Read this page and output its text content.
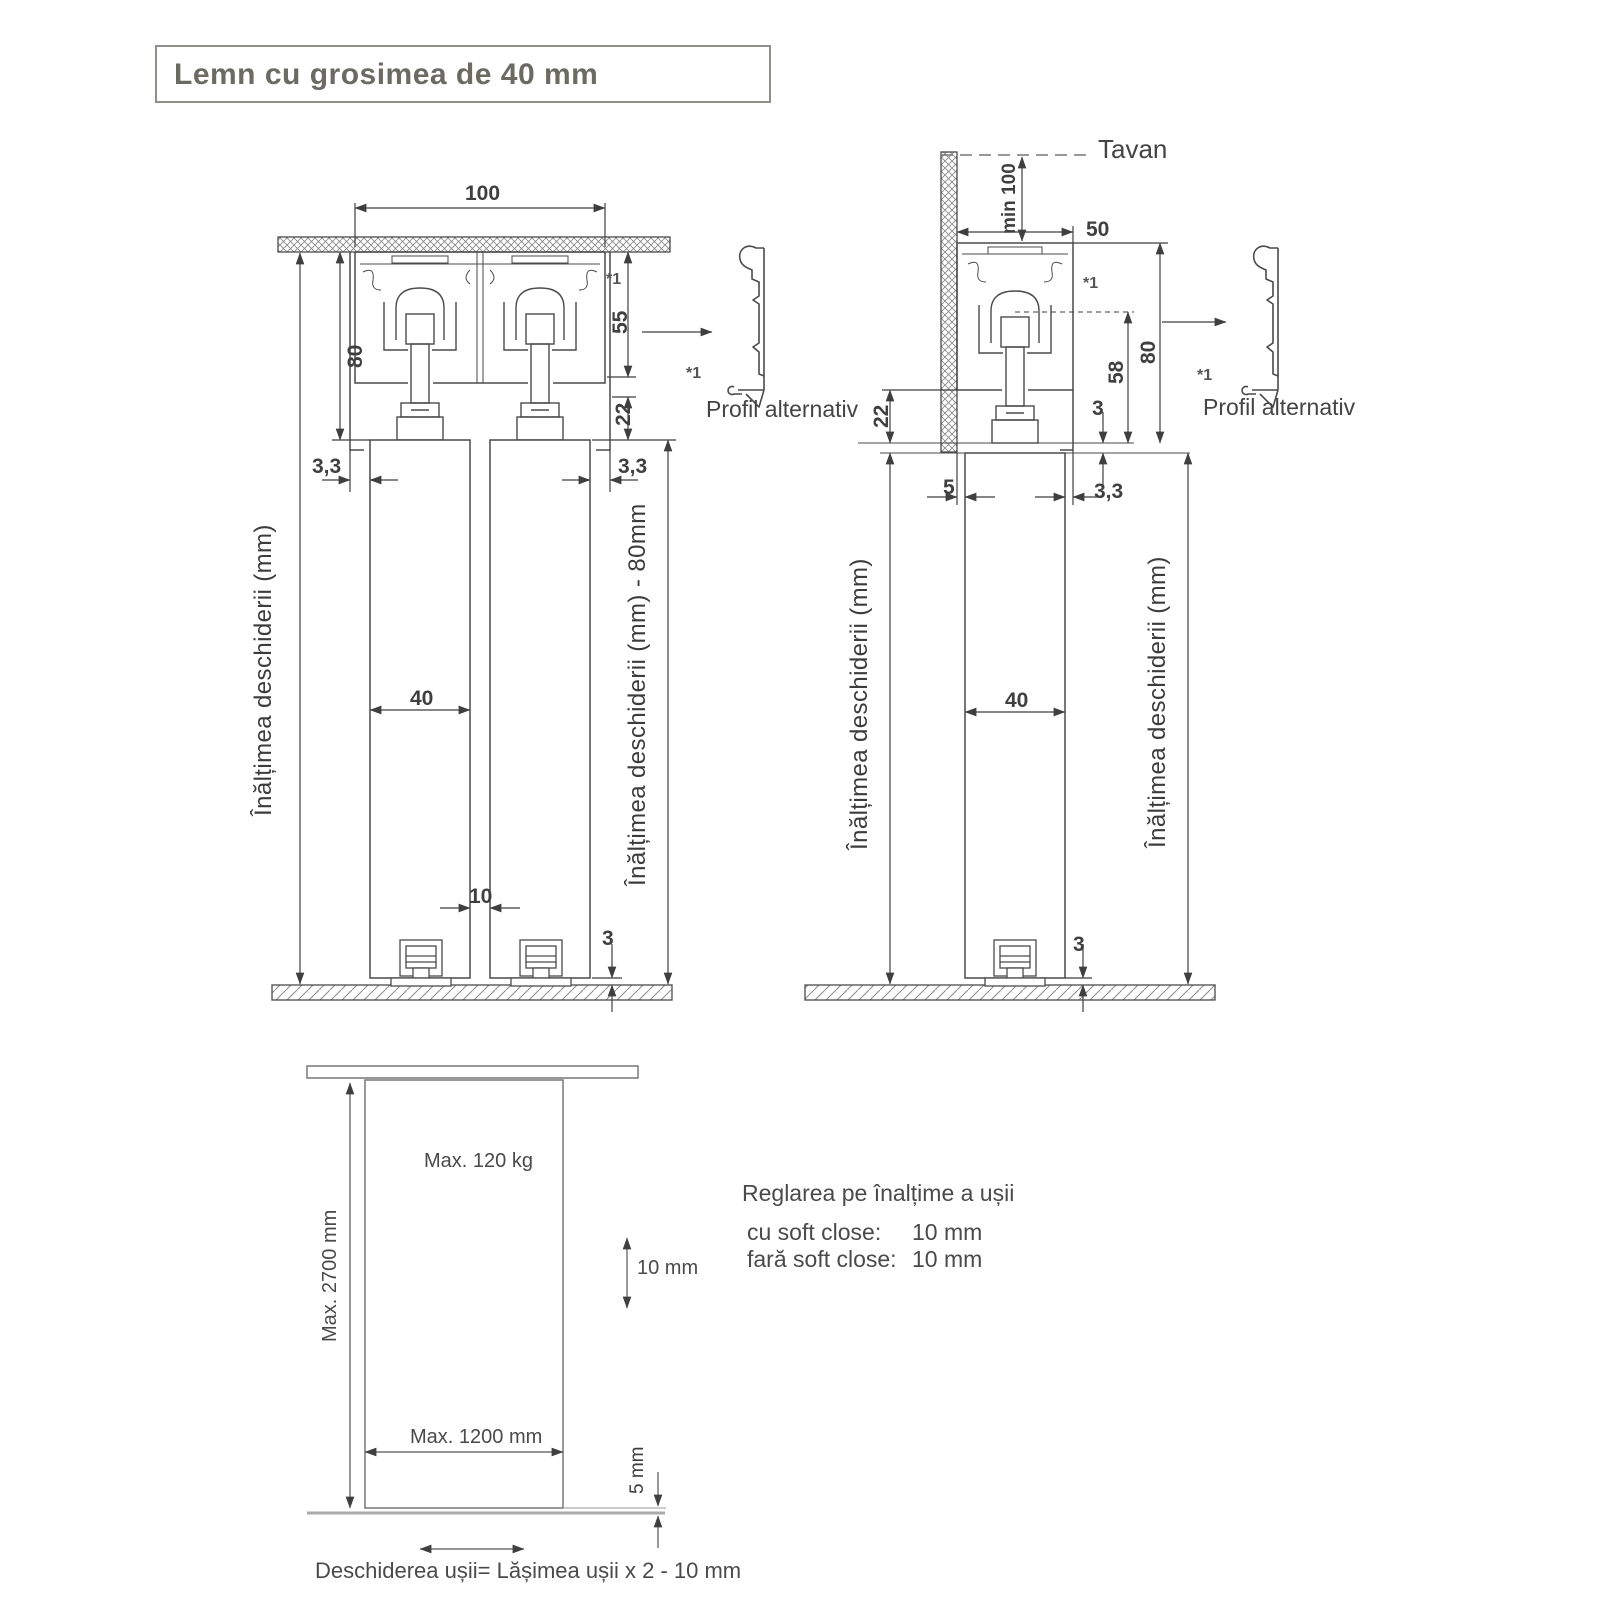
Lemn cu grosimea de 40 mm
100
80
55
22
3,3	3,3
40
10
3
Înălțimea deschiderii (mm)	Înălțimea deschiderii (mm) - 80mm
*1
*1
Profil alternativ
Tavan
min 100	50
*1
58
80
3
22
5	3,3
40
3
Înălțimea deschiderii (mm)	Înălțimea deschiderii (mm)
*1
Profil alternativ
Max. 120 kg
Max. 2700 mm	10 mm
Max. 1200 mm
5 mm
Deschiderea ușii= Lășimea ușii x 2 - 10 mm
Reglarea pe înalțime a ușii
cu soft close: 10 mm
fară soft close: 10 mm
